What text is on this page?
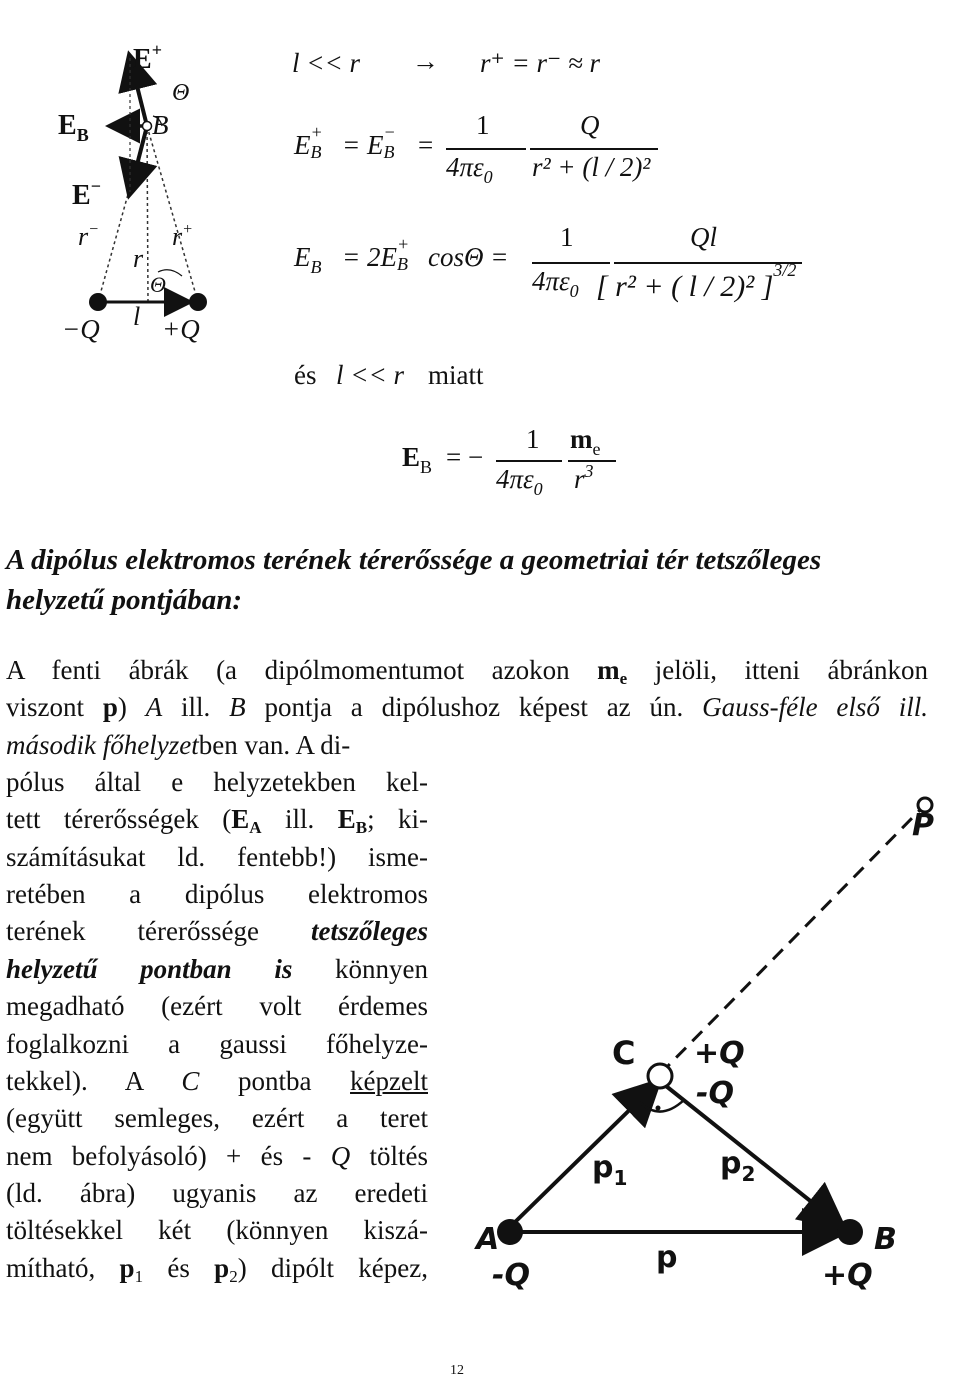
E+
Θ
$E_B$ B
E−
r−	r+
r
Θ
l
−Q +Q
l << r → r⁺ = r⁻ ≈ r
E +
B = E −
B =
1
$4\pi\varepsilon_0$
Q
r² + (l / 2)²
$E_B = 2E$ +
B cosΘ =
1
$4\pi\varepsilon_0$
Ql
[ r² + ( l / 2)² ]$^{3/2}$
és l << r miatt
$E_B$ = −
1
$4\pi\varepsilon_0$
$m_e$
$r^3$
A dipólus elektromos terének térerőssége a geometriai tér tetszőleges
helyzetű pontjában:
A fenti ábrák (a dipólmomentumot azokon me jelöli, itteni ábránkon
viszont p) A ill. B pontja a dipólushoz képest az ún. Gauss-féle első ill.
második főhelyzetben van. A di-
pólus által e helyzetekben kel-
tett térerősségek (EA ill. EB; ki-
számításukat ld. fentebb!) isme-
retében a dipólus elektromos
terének térerőssége tetszőleges
helyzetű pontban is könnyen
megadható (ezért volt érdemes
foglalkozni a gaussi főhelyze-
tekkel). A C pontba képzelt
(együtt semleges, ezért a teret
nem befolyásoló) + és - Q töltés
(ld. ábra) ugyanis az eredeti
töltésekkel két (könnyen kiszá-
mítható, p1 és p2) dipólt képez,
P
C +Q
-Q
$p_1$	$p_2$
A	B
p
-Q	+Q
12
